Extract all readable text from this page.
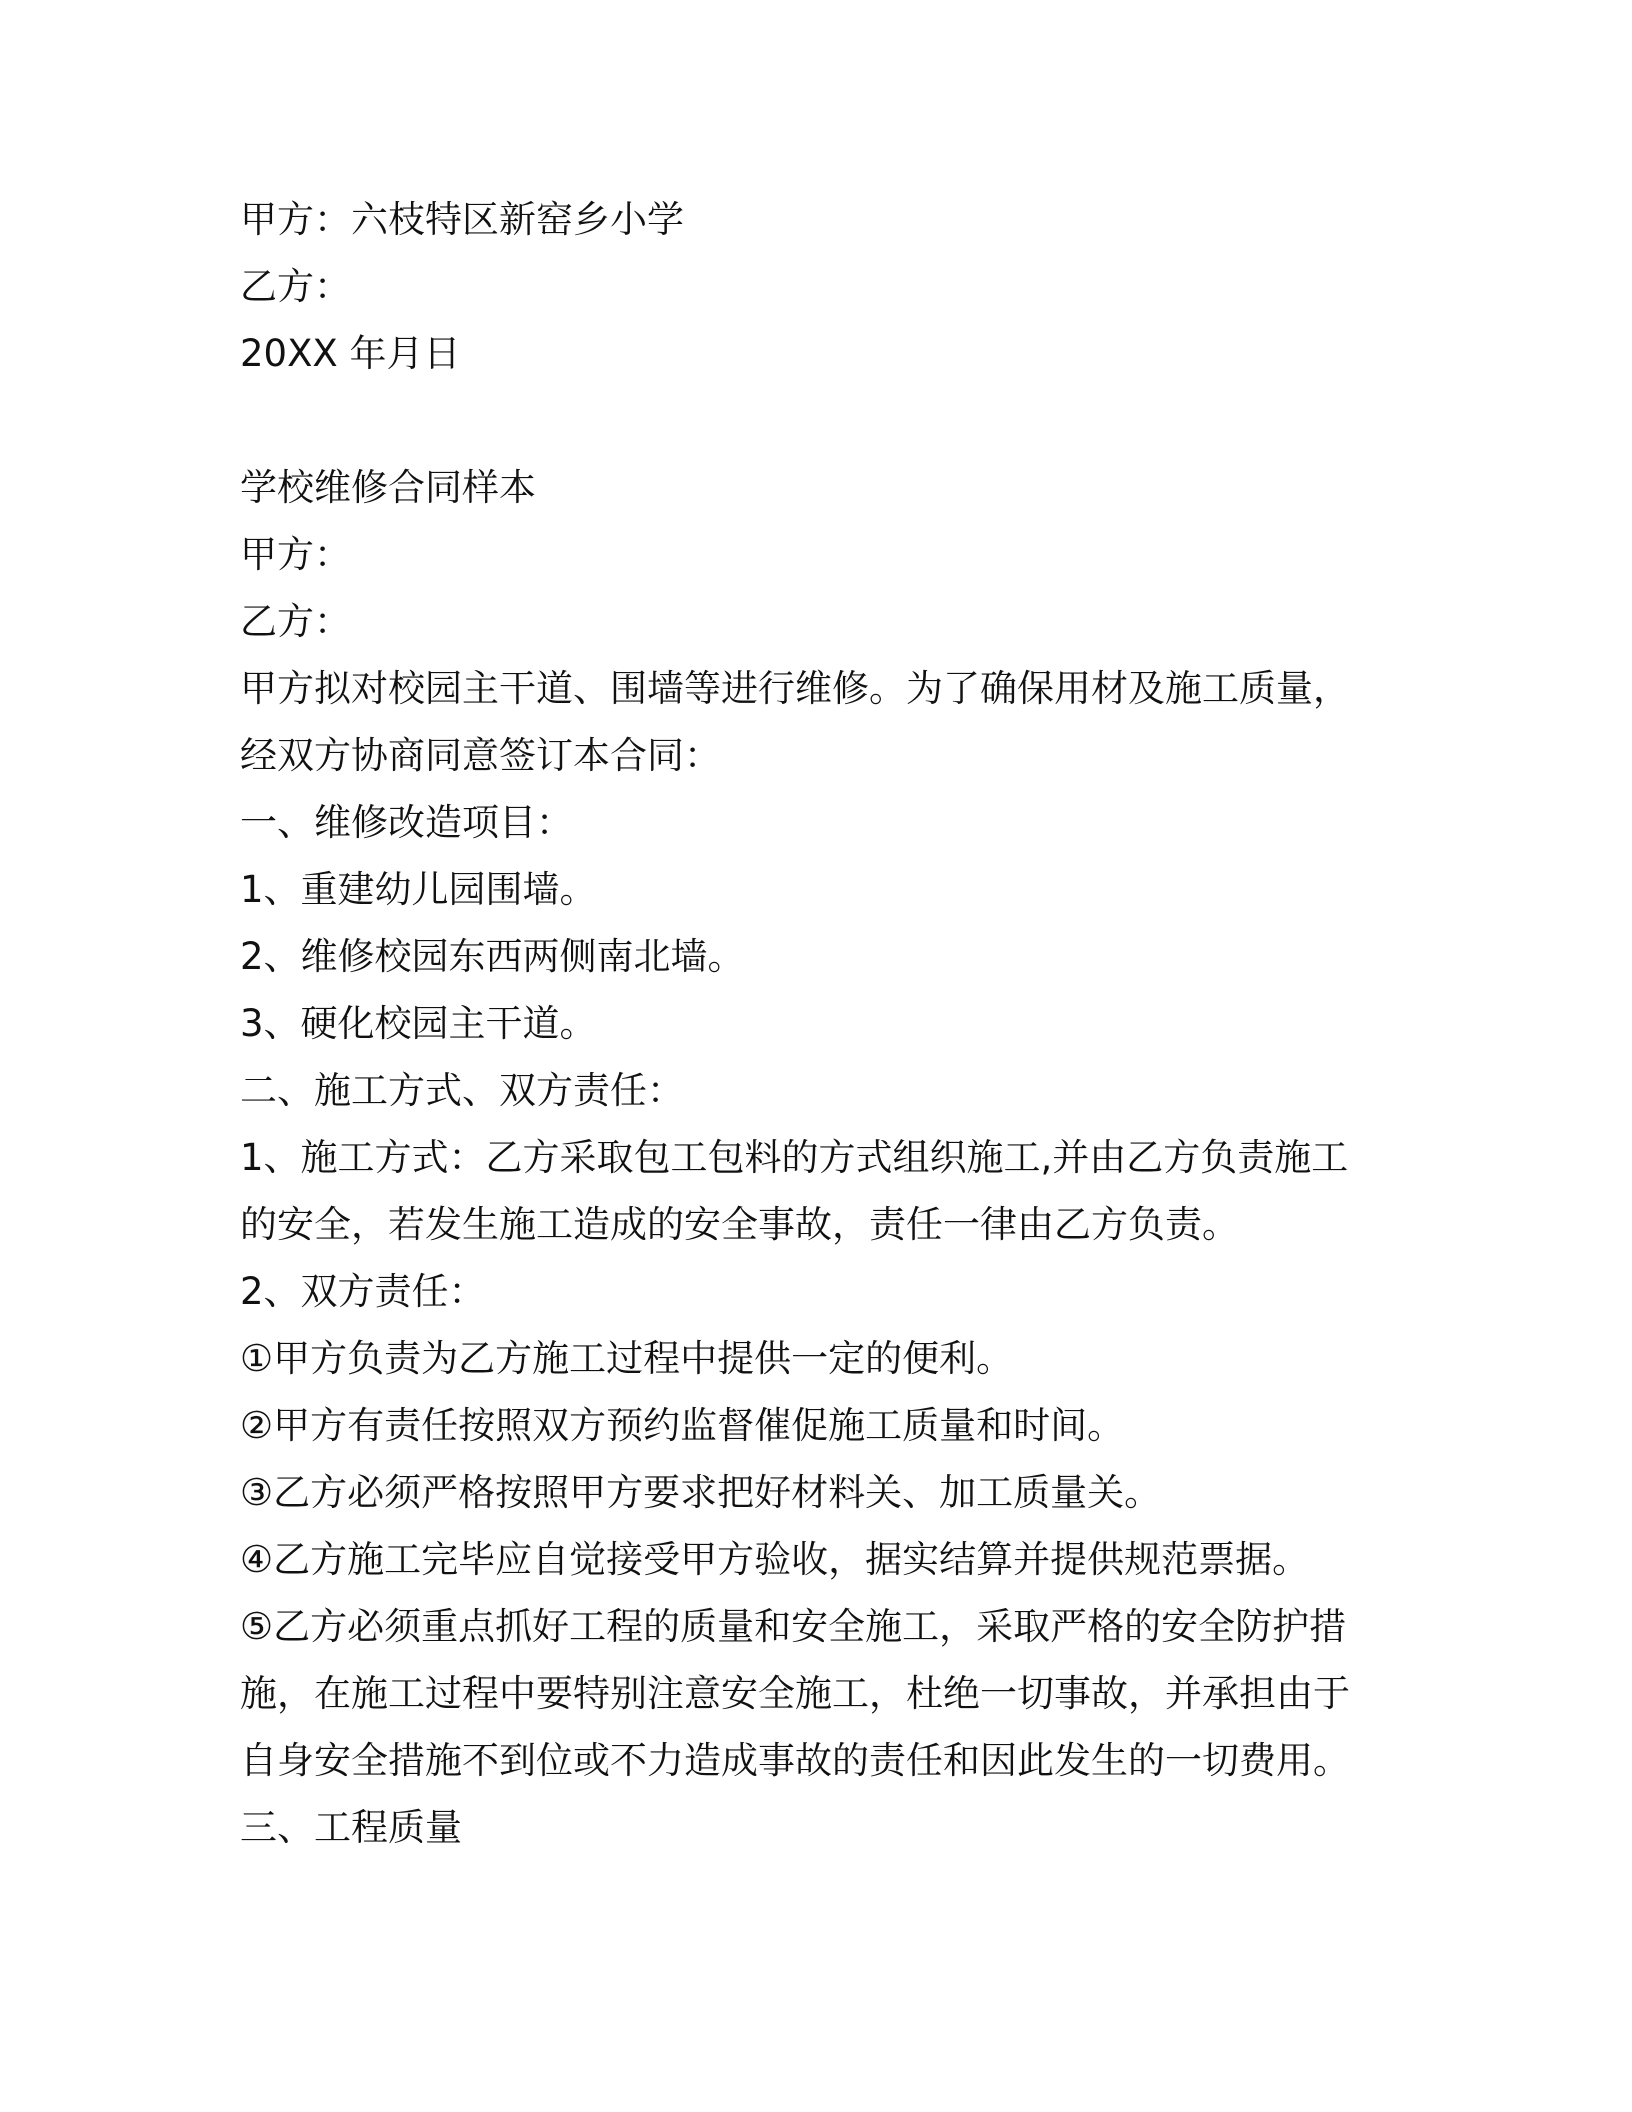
甲方：六枝特区新窑乡小学

乙方：

20XX 年月日

学校维修合同样本

甲方：

乙方：

甲方拟对校园主干道、围墙等进行维修。为了确保用材及施工质量，

经双方协商同意签订本合同：

一、维修改造项目：

1、重建幼儿园围墙。

2、维修校园东西两侧南北墙。

3、硬化校园主干道。

二、施工方式、双方责任：

1、施工方式：乙方采取包工包料的方式组织施工,并由乙方负责施工

的安全，若发生施工造成的安全事故，责任一律由乙方负责。

2、双方责任：

①甲方负责为乙方施工过程中提供一定的便利。

②甲方有责任按照双方预约监督催促施工质量和时间。

③乙方必须严格按照甲方要求把好材料关、加工质量关。

④乙方施工完毕应自觉接受甲方验收，据实结算并提供规范票据。

⑤乙方必须重点抓好工程的质量和安全施工，采取严格的安全防护措

施，在施工过程中要特别注意安全施工，杜绝一切事故，并承担由于

自身安全措施不到位或不力造成事故的责任和因此发生的一切费用。

三、工程质量
